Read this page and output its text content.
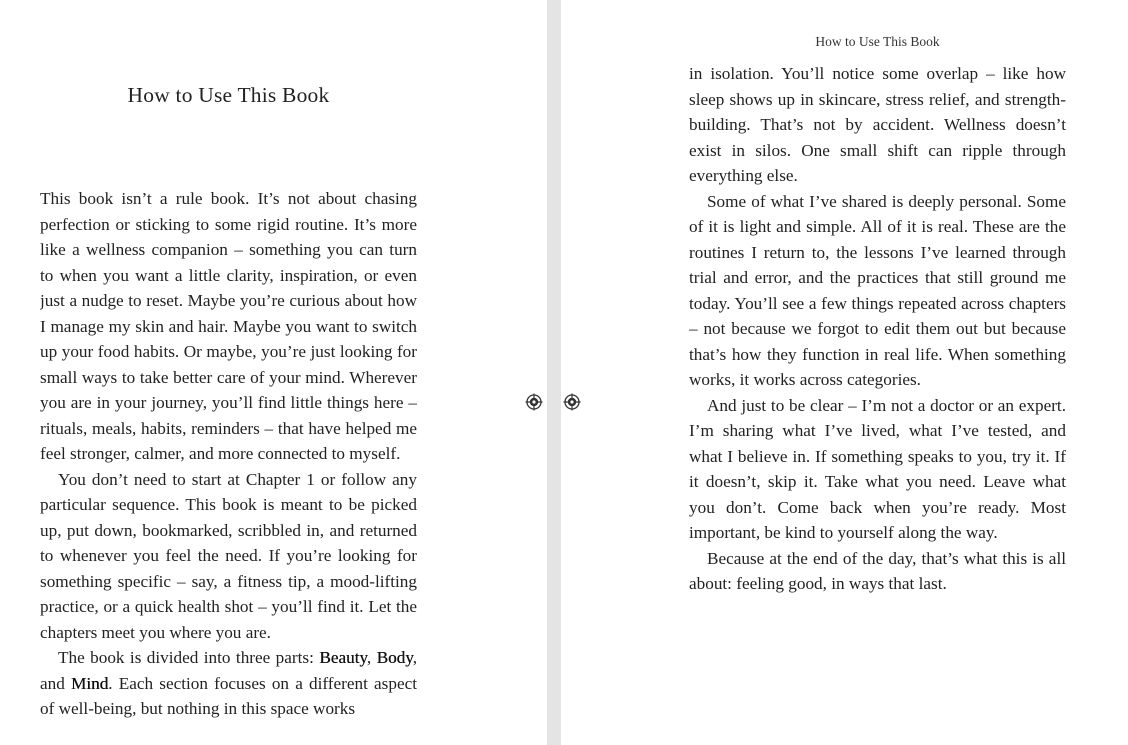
How to Use This Book

This book isn’t a rule book. It’s not about chasing perfection or sticking to some rigid routine. It’s more like a wellness companion – something you can turn to when you want a little clarity, inspiration, or even just a nudge to reset. Maybe you’re curious about how I manage my skin and hair. Maybe you want to switch up your food habits. Or maybe, you’re just looking for small ways to take better care of your mind. Wherever you are in your journey, you’ll find little things here – rituals, meals, habits, reminders – that have helped me feel stronger, calmer, and more connected to myself.

You don’t need to start at Chapter 1 or follow any particular sequence. This book is meant to be picked up, put down, bookmarked, scribbled in, and returned to whenever you feel the need. If you’re looking for something specific – say, a fitness tip, a mood-lifting practice, or a quick health shot – you’ll find it. Let the chapters meet you where you are.

The book is divided into three parts: Beauty, Body, and Mind. Each section focuses on a different aspect of well-being, but nothing in this space works

How to Use This Book

in isolation. You’ll notice some overlap – like how sleep shows up in skincare, stress relief, and strength-building. That’s not by accident. Wellness doesn’t exist in silos. One small shift can ripple through everything else.

Some of what I’ve shared is deeply personal. Some of it is light and simple. All of it is real. These are the routines I return to, the lessons I’ve learned through trial and error, and the practices that still ground me today. You’ll see a few things repeated across chapters – not because we forgot to edit them out but because that’s how they function in real life. When something works, it works across categories.

And just to be clear – I’m not a doctor or an expert. I’m sharing what I’ve lived, what I’ve tested, and what I believe in. If something speaks to you, try it. If it doesn’t, skip it. Take what you need. Leave what you don’t. Come back when you’re ready. Most important, be kind to yourself along the way.

Because at the end of the day, that’s what this is all about: feeling good, in ways that last.
